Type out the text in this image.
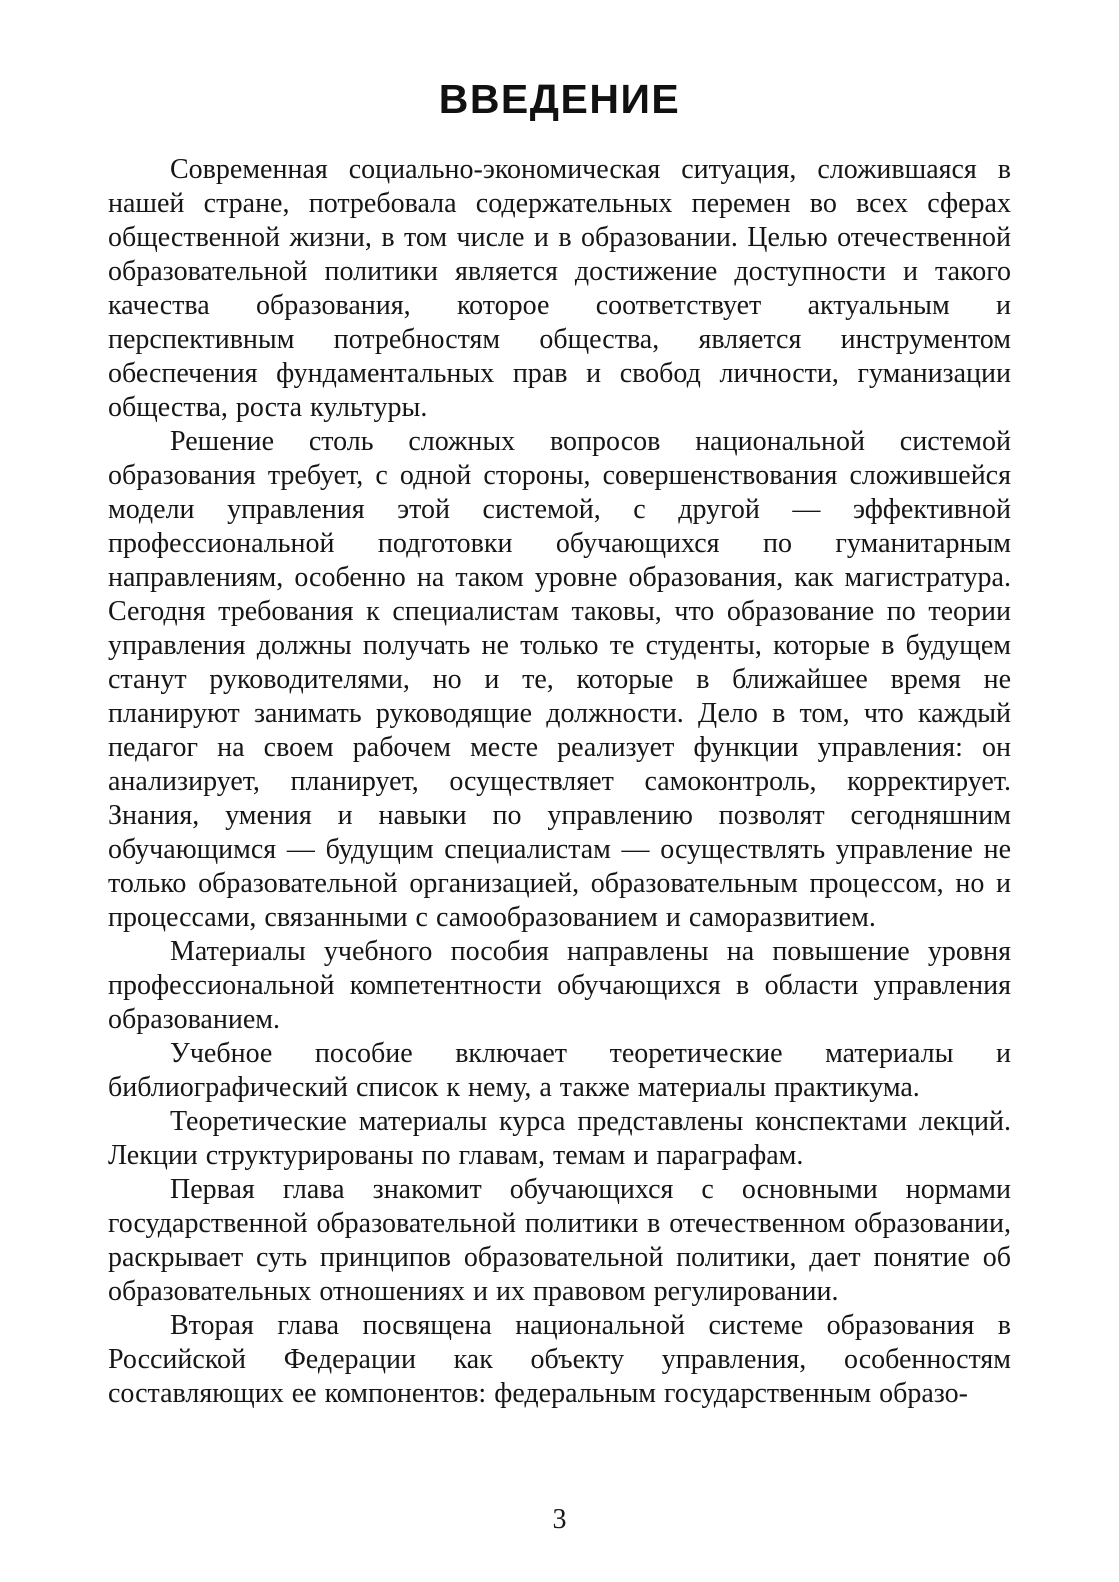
ВВЕДЕНИЕ

Современная социально-экономическая ситуация, сложившаяся в нашей стране, потребовала содержательных перемен во всех сферах общественной жизни, в том числе и в образовании. Целью отечественной образовательной политики является достижение доступности и такого качества образования, которое соответствует актуальным и перспективным потребностям общества, является инструментом обеспечения фундаментальных прав и свобод личности, гуманизации общества, роста культуры.

Решение столь сложных вопросов национальной системой образования требует, с одной стороны, совершенствования сложившейся модели управления этой системой, с другой — эффективной профессиональной подготовки обучающихся по гуманитарным направлениям, особенно на таком уровне образования, как магистратура. Сегодня требования к специалистам таковы, что образование по теории управления должны получать не только те студенты, которые в будущем станут руководителями, но и те, которые в ближайшее время не планируют занимать руководящие должности. Дело в том, что каждый педагог на своем рабочем месте реализует функции управления: он анализирует, планирует, осуществляет самоконтроль, корректирует. Знания, умения и навыки по управлению позволят сегодняшним обучающимся — будущим специалистам — осуществлять управление не только образовательной организацией, образовательным процессом, но и процессами, связанными с самообразованием и саморазвитием.

Материалы учебного пособия направлены на повышение уровня профессиональной компетентности обучающихся в области управления образованием.

Учебное пособие включает теоретические материалы и библиографический список к нему, а также материалы практикума.

Теоретические материалы курса представлены конспектами лекций. Лекции структурированы по главам, темам и параграфам.

Первая глава знакомит обучающихся с основными нормами государственной образовательной политики в отечественном образовании, раскрывает суть принципов образовательной политики, дает понятие об образовательных отношениях и их правовом регулировании.

Вторая глава посвящена национальной системе образования в Российской Федерации как объекту управления, особенностям составляющих ее компонентов: федеральным государственным образо-

3
